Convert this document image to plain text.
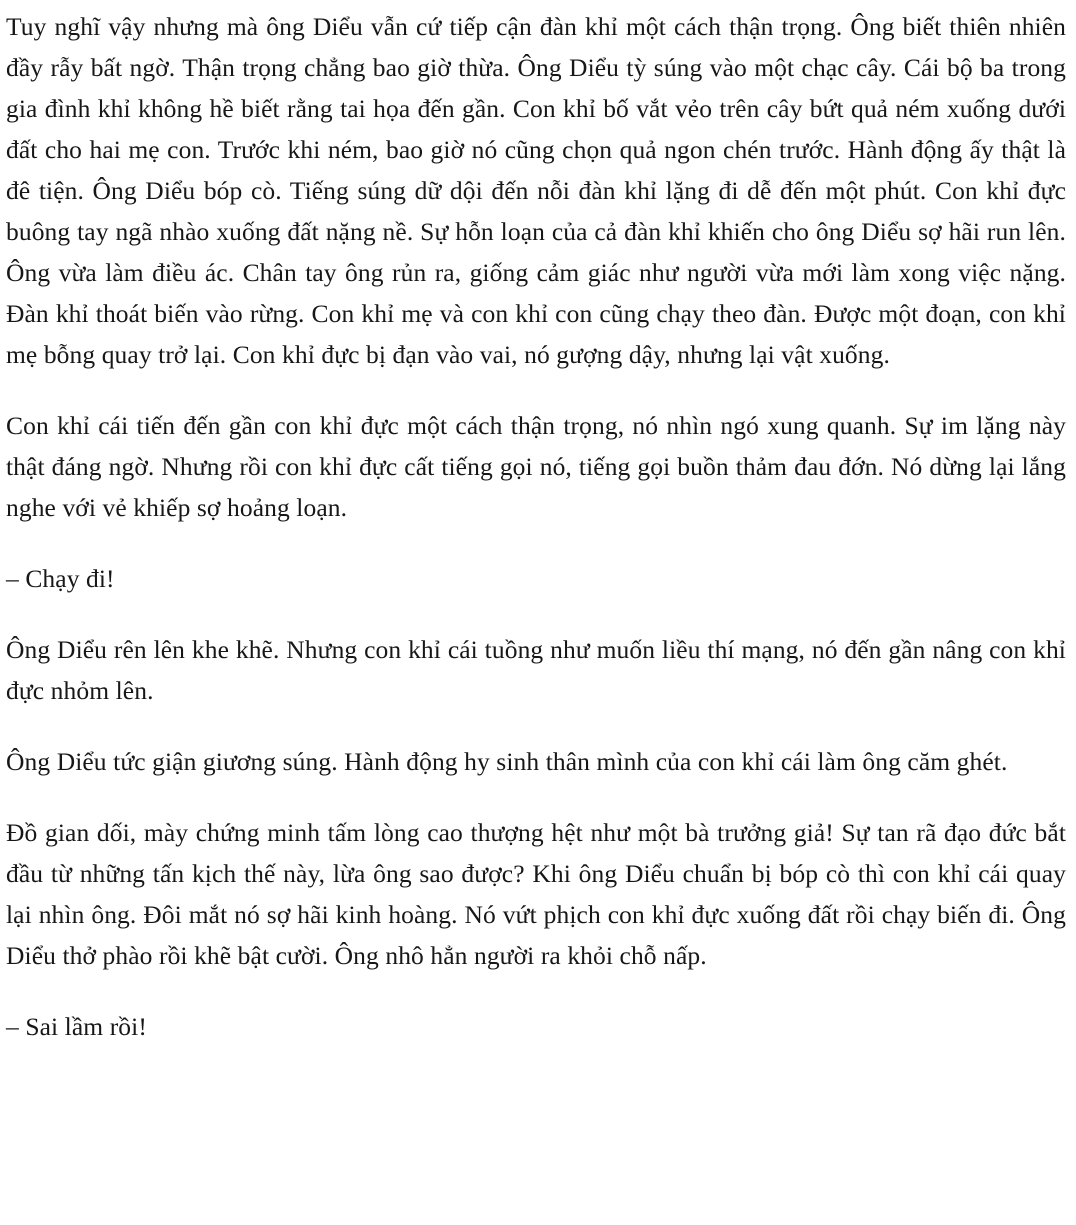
Tuy nghĩ vậy nhưng mà ông Diểu vẫn cứ tiếp cận đàn khỉ một cách thận trọng. Ông biết thiên nhiên đầy rẫy bất ngờ. Thận trọng chẳng bao giờ thừa. Ông Diểu tỳ súng vào một chạc cây. Cái bộ ba trong gia đình khỉ không hề biết rằng tai họa đến gần. Con khỉ bố vắt vẻo trên cây bứt quả ném xuống dưới đất cho hai mẹ con. Trước khi ném, bao giờ nó cũng chọn quả ngon chén trước. Hành động ấy thật là đê tiện. Ông Diểu bóp cò. Tiếng súng dữ dội đến nỗi đàn khỉ lặng đi dễ đến một phút. Con khỉ đực buông tay ngã nhào xuống đất nặng nề. Sự hỗn loạn của cả đàn khỉ khiến cho ông Diểu sợ hãi run lên. Ông vừa làm điều ác. Chân tay ông rủn ra, giống cảm giác như người vừa mới làm xong việc nặng. Đàn khỉ thoát biến vào rừng. Con khỉ mẹ và con khỉ con cũng chạy theo đàn. Được một đoạn, con khỉ mẹ bỗng quay trở lại. Con khỉ đực bị đạn vào vai, nó gượng dậy, nhưng lại vật xuống.

Con khỉ cái tiến đến gần con khỉ đực một cách thận trọng, nó nhìn ngó xung quanh. Sự im lặng này thật đáng ngờ. Nhưng rồi con khỉ đực cất tiếng gọi nó, tiếng gọi buồn thảm đau đớn. Nó dừng lại lắng nghe với vẻ khiếp sợ hoảng loạn.

– Chạy đi!

Ông Diểu rên lên khe khẽ. Nhưng con khỉ cái tuồng như muốn liều thí mạng, nó đến gần nâng con khỉ đực nhỏm lên.

Ông Diểu tức giận giương súng. Hành động hy sinh thân mình của con khỉ cái làm ông căm ghét.

Đồ gian dối, mày chứng minh tấm lòng cao thượng hệt như một bà trưởng giả! Sự tan rã đạo đức bắt đầu từ những tấn kịch thế này, lừa ông sao được? Khi ông Diểu chuẩn bị bóp cò thì con khỉ cái quay lại nhìn ông. Đôi mắt nó sợ hãi kinh hoàng. Nó vứt phịch con khỉ đực xuống đất rồi chạy biến đi. Ông Diểu thở phào rồi khẽ bật cười. Ông nhô hẳn người ra khỏi chỗ nấp.

– Sai lầm rồi!
